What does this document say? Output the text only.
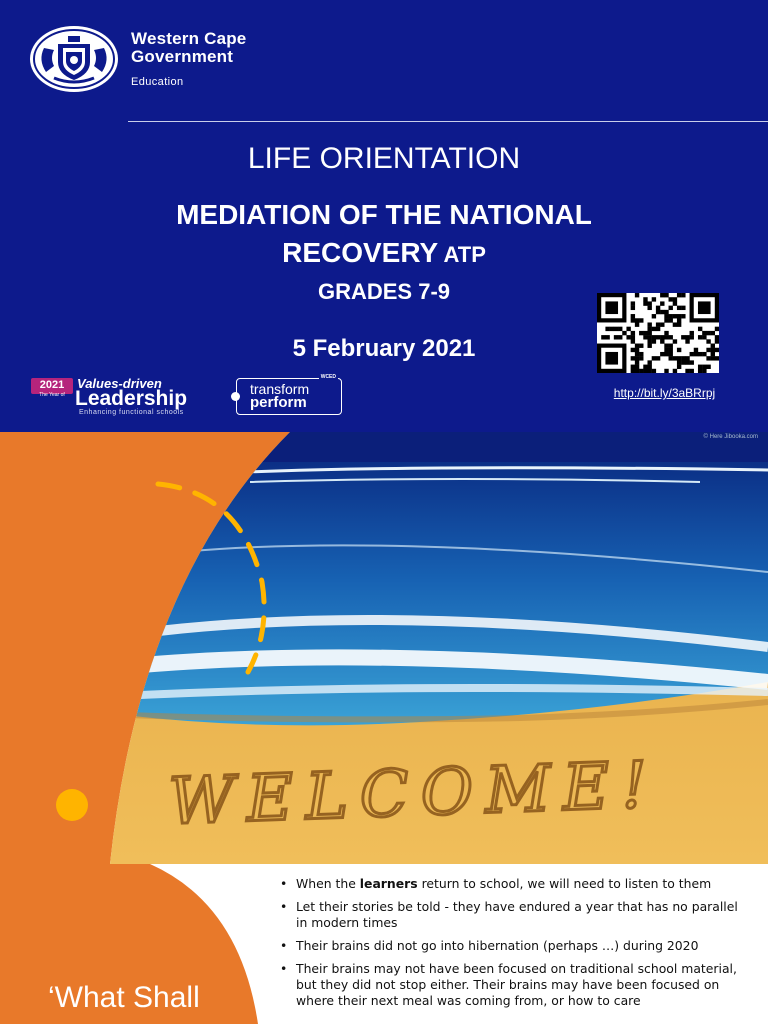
Western Cape
Government
Education
LIFE ORIENTATION
MEDIATION OF THE NATIONAL
RECOVERY ATP
GRADES 7-9
5 February 2021
http://bit.ly/3aBRrpj
2021
The Year of
Values-driven
Leadership
Enhancing functional schools
WCED
transform
perform
© Here Jibooka.com
WELCOME!
‘What Shall
• When the learners return to school, we will need to listen to them
• Let their stories be told - they have endured a year that has no parallel in modern times
• Their brains did not go into hibernation (perhaps …) during 2020
• Their brains may not have been focused on traditional school material, but they did not stop either. Their brains may have been focused on where their next meal was coming from, or how to care
